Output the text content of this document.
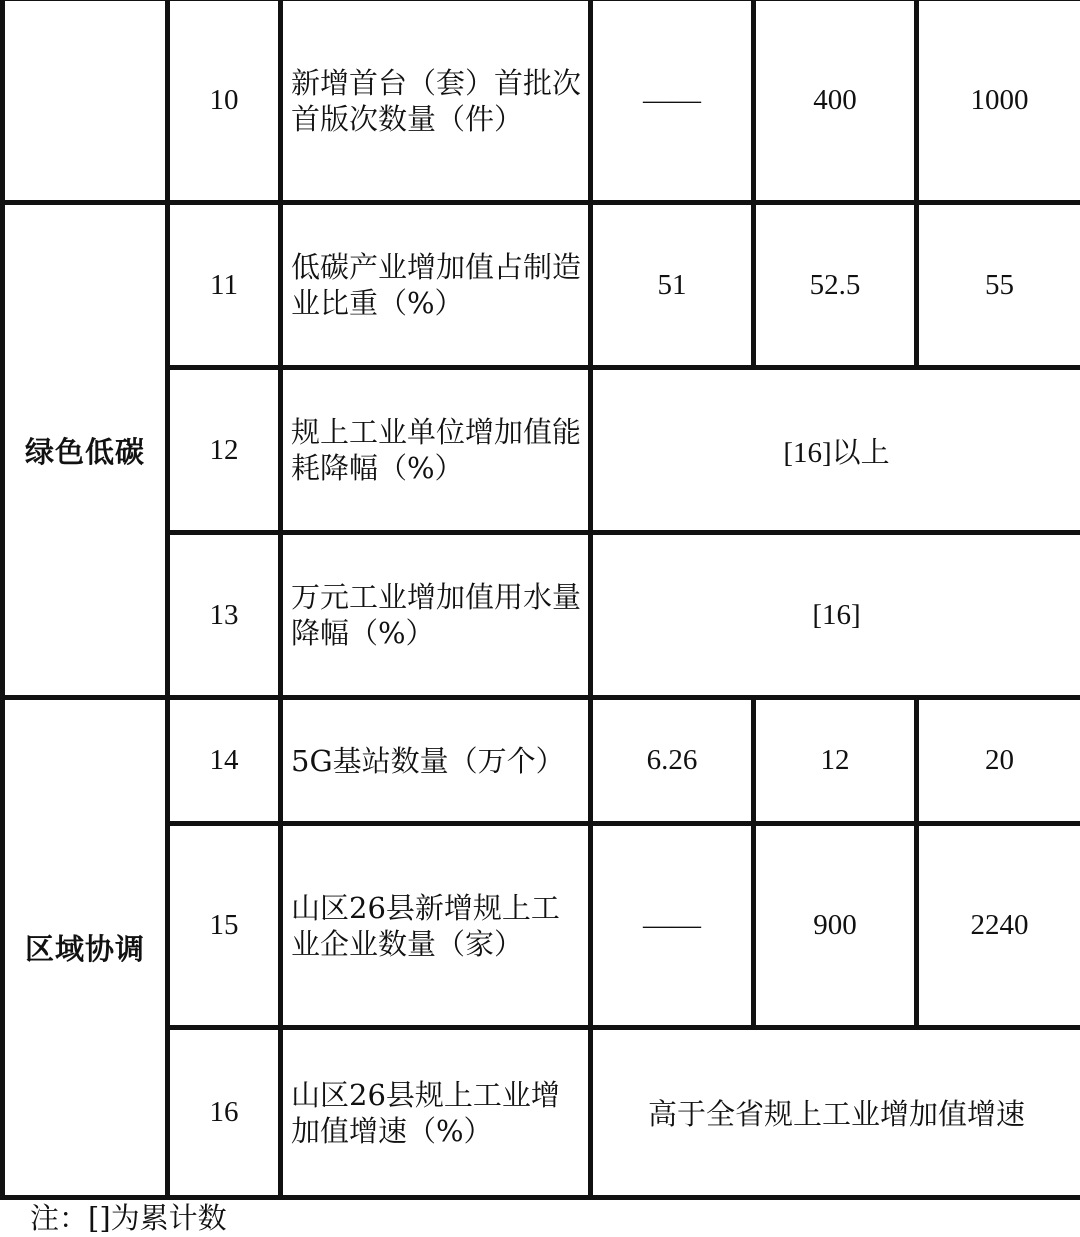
	10	新增首台（套）首批次首版次数量（件）	——	400	1000
绿色低碳	11	低碳产业增加值占制造业比重（%）	51	52.5	55
	12	规上工业单位增加值能耗降幅（%）	[16]以上		
	13	万元工业增加值用水量降幅（%）	[16]		
区域协调	14	5G基站数量（万个）	6.26	12	20
	15	山区26县新增规上工业企业数量（家）	——	900	2240
	16	山区26县规上工业增加值增速（%）	高于全省规上工业增加值增速		
注：[]为累计数
